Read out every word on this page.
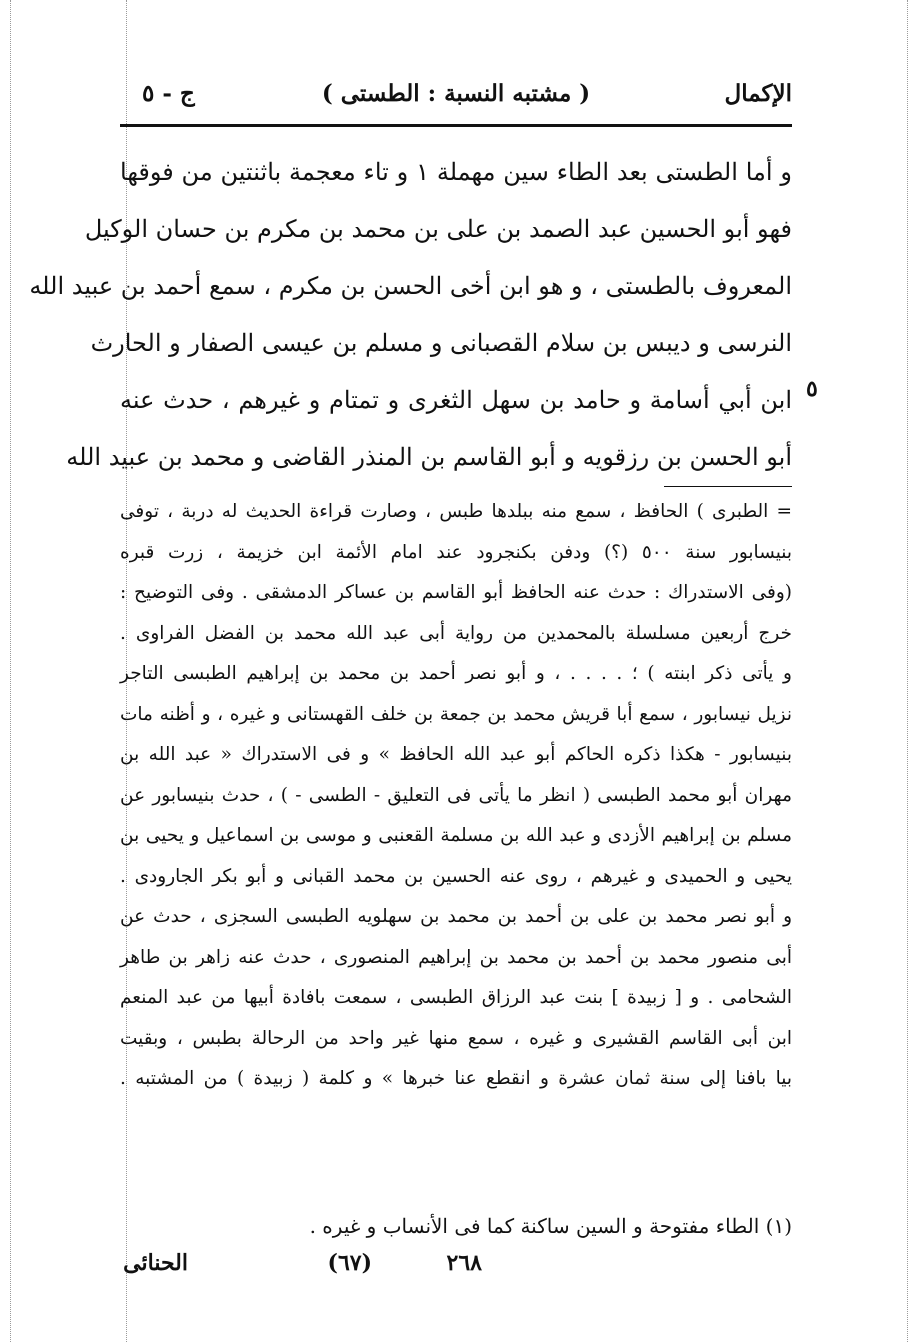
الإكمال
( مشتبه النسبة : الطستى )
ج - ٥

و أما الطستى بعد الطاء سين مهملة ١ و تاء معجمة باثنتين من فوقها

فهو أبو الحسين عبد الصمد بن على بن محمد بن مكرم بن حسان الوكيل

المعروف بالطستى ، و هو ابن أخى الحسن بن مكرم ، سمع أحمد بن عبيد الله

النرسى و ديبس بن سلام القصبانى و مسلم بن عيسى الصفار و الحارث

ابن أبي أسامة و حامد بن سهل الثغرى و تمتام و غيرهم ، حدث عنه

أبو الحسن بن رزقويه و أبو القاسم بن المنذر القاضى و محمد بن عبيد الله

= الطبرى ) الحافظ ، سمع منه ببلدها طبس ، وصارت قراءة الحديث له دربة ، توفى

بنيسابور سنة ٥٠٠ (؟) ودفن بكنجرود عند امام الأئمة ابن خزيمة ، زرت قبره

(وفى الاستدراك : حدث عنه الحافظ أبو القاسم بن عساكر الدمشقى . وفى التوضيح :

خرج أربعين مسلسلة بالمحمدين من رواية أبى عبد الله محمد بن الفضل الفراوى .

و يأتى ذكر ابنته ) ؛ . . . . ، و أبو نصر أحمد بن محمد بن إبراهيم الطبسى التاجر

نزيل نيسابور ، سمع أبا قريش محمد بن جمعة بن خلف القهستانى و غيره ، و أظنه مات

بنيسابور - هكذا ذكره الحاكم أبو عبد الله الحافظ » و فى الاستدراك « عبد الله بن

مهران أبو محمد الطبسى ( انظر ما يأتى فى التعليق - الطسى - ) ، حدث بنيسابور عن

مسلم بن إبراهيم الأزدى و عبد الله بن مسلمة القعنبى و موسى بن اسماعيل و يحيى بن

يحيى و الحميدى و غيرهم ، روى عنه الحسين بن محمد القبانى و أبو بكر الجارودى .

و أبو نصر محمد بن على بن أحمد بن محمد بن سهلويه الطبسى السجزى ، حدث عن

أبى منصور محمد بن أحمد بن محمد بن إبراهيم المنصورى ، حدث عنه زاهر بن طاهر

الشحامى . و [ زبيدة ] بنت عبد الرزاق الطبسى ، سمعت بافادة أبيها من عبد المنعم

ابن أبى القاسم القشيرى و غيره ، سمع منها غير واحد من الرحالة بطبس ، وبقيت

بيا بافنا إلى سنة ثمان عشرة و انقطع عنا خبرها » و كلمة ( زبيدة ) من المشتبه .

(١) الطاء مفتوحة و السين ساكنة كما فى الأنساب و غيره .
٢٦٨
(٦٧)
الحنائى
٥
